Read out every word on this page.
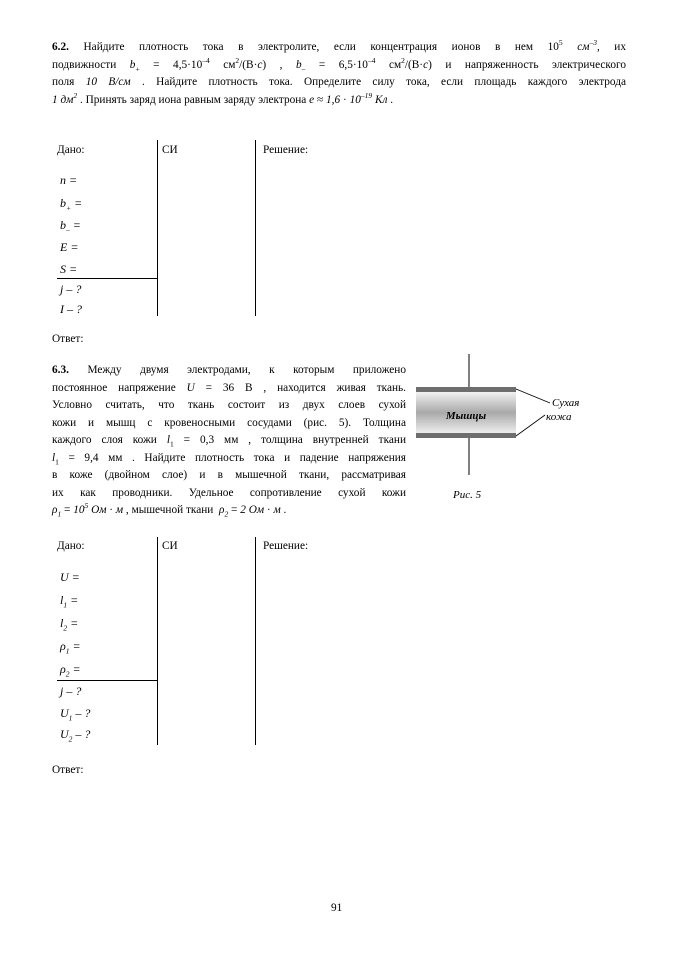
6.2. Найдите плотность тока в электролите, если концентрация ионов в нем $10^5$ $см^{-3}$, их
подвижности $b_+ = 4,5\cdot 10^{-4}$ $см^2/(В\cdot с)$ , $b_- = 6,5\cdot 10^{-4}$ $см^2/(В\cdot с)$ и напряженность электрического
поля 10 В/см . Найдите плотность тока. Определите силу тока, если площадь каждого электрода
1 $дм^2$ . Принять заряд иона равным заряду электрона $e \approx 1,6 \cdot 10^{-19}$ Кл .
Дано:	СИ	Решение:
n =
$b_+$ =
$b_-$ =
E =
S =
j – ?
I – ?
Ответ:
6.3. Между двумя электродами, к которым приложено
постоянное напряжение U = 36 В , находится живая ткань.
Условно считать, что ткань состоит из двух слоев сухой
кожи и мышц с кровеносными сосудами (рис. 5). Толщина
каждого слоя кожи $l_1 = 0,3$ мм , толщина внутренней ткани
$l_1 = 9,4$ мм . Найдите плотность тока и падение напряжения
в коже (двойном слое) и в мышечной ткани, рассматривая
их как проводники. Удельное сопротивление сухой кожи
$\rho_1 = 10^5$ Ом · м , мышечной ткани  $\rho_2 = 2$ Ом · м .
Мышцы
Сухая
кожа
Рис. 5
Дано:	СИ	Решение:
U =
$l_1$ =
$l_2$ =
$\rho_1$ =
$\rho_2$ =
j – ?
$U_1$ – ?
$U_2$ – ?
Ответ:
91
